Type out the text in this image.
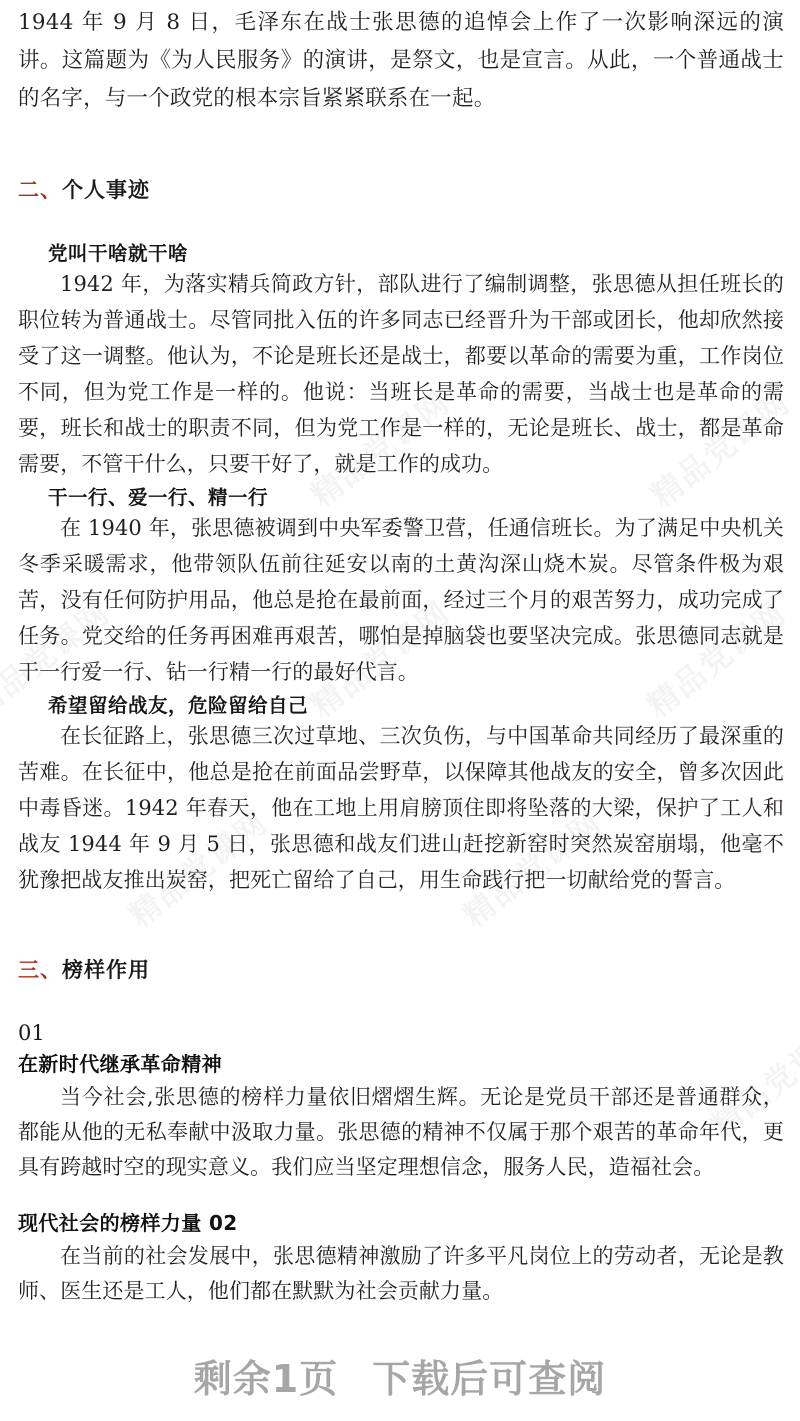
1944 年 9 月 8 日，毛泽东在战士张思德的追悼会上作了一次影响深远的演讲。这篇题为《为人民服务》的演讲，是祭文，也是宣言。从此，一个普通战士的名字，与一个政党的根本宗旨紧紧联系在一起。

二、个人事迹
党叫干啥就干啥

1942 年，为落实精兵简政方针，部队进行了编制调整，张思德从担任班长的职位转为普通战士。尽管同批入伍的许多同志已经晋升为干部或团长，他却欣然接受了这一调整。他认为，不论是班长还是战士，都要以革命的需要为重，工作岗位不同，但为党工作是一样的。他说：当班长是革命的需要，当战士也是革命的需要，班长和战士的职责不同，但为党工作是一样的，无论是班长、战士，都是革命需要，不管干什么，只要干好了，就是工作的成功。

干一行、爱一行、精一行

在 1940 年，张思德被调到中央军委警卫营，任通信班长。为了满足中央机关冬季采暖需求，他带领队伍前往延安以南的土黄沟深山烧木炭。尽管条件极为艰苦，没有任何防护用品，他总是抢在最前面，经过三个月的艰苦努力，成功完成了任务。党交给的任务再困难再艰苦，哪怕是掉脑袋也要坚决完成。张思德同志就是干一行爱一行、钻一行精一行的最好代言。

希望留给战友，危险留给自己

在长征路上，张思德三次过草地、三次负伤，与中国革命共同经历了最深重的苦难。在长征中，他总是抢在前面品尝野草，以保障其他战友的安全，曾多次因此中毒昏迷。1942 年春天，他在工地上用肩膀顶住即将坠落的大梁，保护了工人和战友 1944 年 9 月 5 日，张思德和战友们进山赶挖新窑时突然炭窑崩塌，他毫不犹豫把战友推出炭窑，把死亡留给了自己，用生命践行把一切献给党的誓言。

三、榜样作用

01

在新时代继承革命精神

当今社会,张思德的榜样力量依旧熠熠生辉。无论是党员干部还是普通群众，都能从他的无私奉献中汲取力量。张思德的精神不仅属于那个艰苦的革命年代，更具有跨越时空的现实意义。我们应当坚定理想信念，服务人民，造福社会。

现代社会的榜样力量 02

在当前的社会发展中，张思德精神激励了许多平凡岗位上的劳动者，无论是教师、医生还是工人，他们都在默默为社会贡献力量。

剩余1页 下载后可查阅
